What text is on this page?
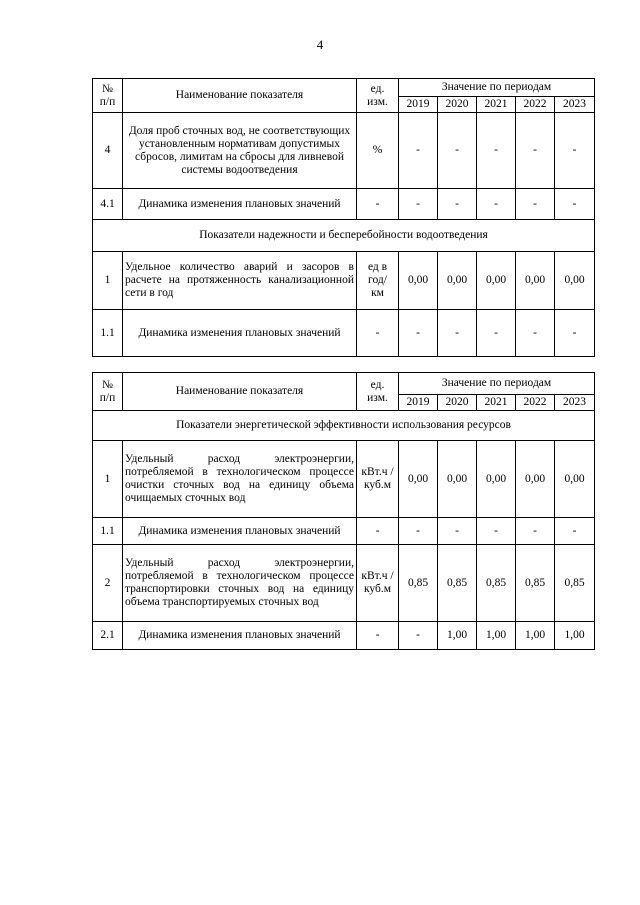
4
№
п/п	Наименование показателя	ед.
изм.	Значение по периодам				
			2019	2020	2021	2022	2023
4	Доля проб сточных вод, не соответствующих установленным нормативам допустимых сбросов, лимитам на сбросы для ливневой системы водоотведения	%	-	-	-	-	-
4.1	Динамика изменения плановых значений	-	-	-	-	-	-
Показатели надежности и бесперебойности водоотведения							
1	Удельное количество аварий и засоров в расчете на протяженность канализационной сети в год	ед в
год/
км	0,00	0,00	0,00	0,00	0,00
1.1	Динамика изменения плановых значений	-	-	-	-	-	-
№
п/п	Наименование показателя	ед.
изм.	Значение по периодам				
			2019	2020	2021	2022	2023
Показатели энергетической эффективности использования ресурсов							
1	Удельный расход электроэнергии, потребляемой в технологическом процессе очистки сточных вод на единицу объема очищаемых сточных вод	кВт.ч /
куб.м	0,00	0,00	0,00	0,00	0,00
1.1	Динамика изменения плановых значений	-	-	-	-	-	-
2	Удельный расход электроэнергии, потребляемой в технологическом процессе транспортировки сточных вод на единицу объема транспортируемых сточных вод	кВт.ч /
куб.м	0,85	0,85	0,85	0,85	0,85
2.1	Динамика изменения плановых значений	-	-	1,00	1,00	1,00	1,00
